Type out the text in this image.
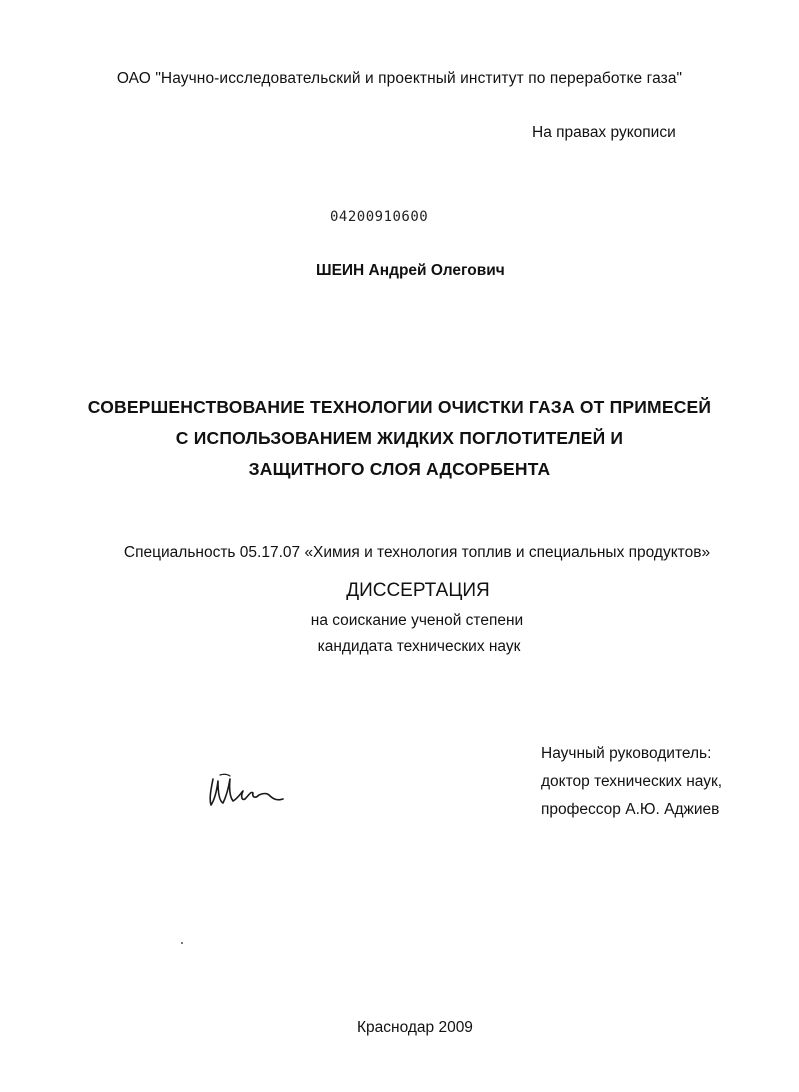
ОАО "Научно-исследовательский и проектный институт по переработке газа"
На правах рукописи
04200910600
ШЕИН Андрей Олегович
СОВЕРШЕНСТВОВАНИЕ ТЕХНОЛОГИИ ОЧИСТКИ ГАЗА ОТ ПРИМЕСЕЙ
С ИСПОЛЬЗОВАНИЕМ ЖИДКИХ ПОГЛОТИТЕЛЕЙ И
ЗАЩИТНОГО СЛОЯ АДСОРБЕНТА
Специальность 05.17.07 «Химия и технология топлив и специальных продуктов»
ДИССЕРТАЦИЯ
на соискание ученой степени
кандидата технических наук
Научный руководитель:
доктор технических наук,
профессор А.Ю. Аджиев
Краснодар 2009
